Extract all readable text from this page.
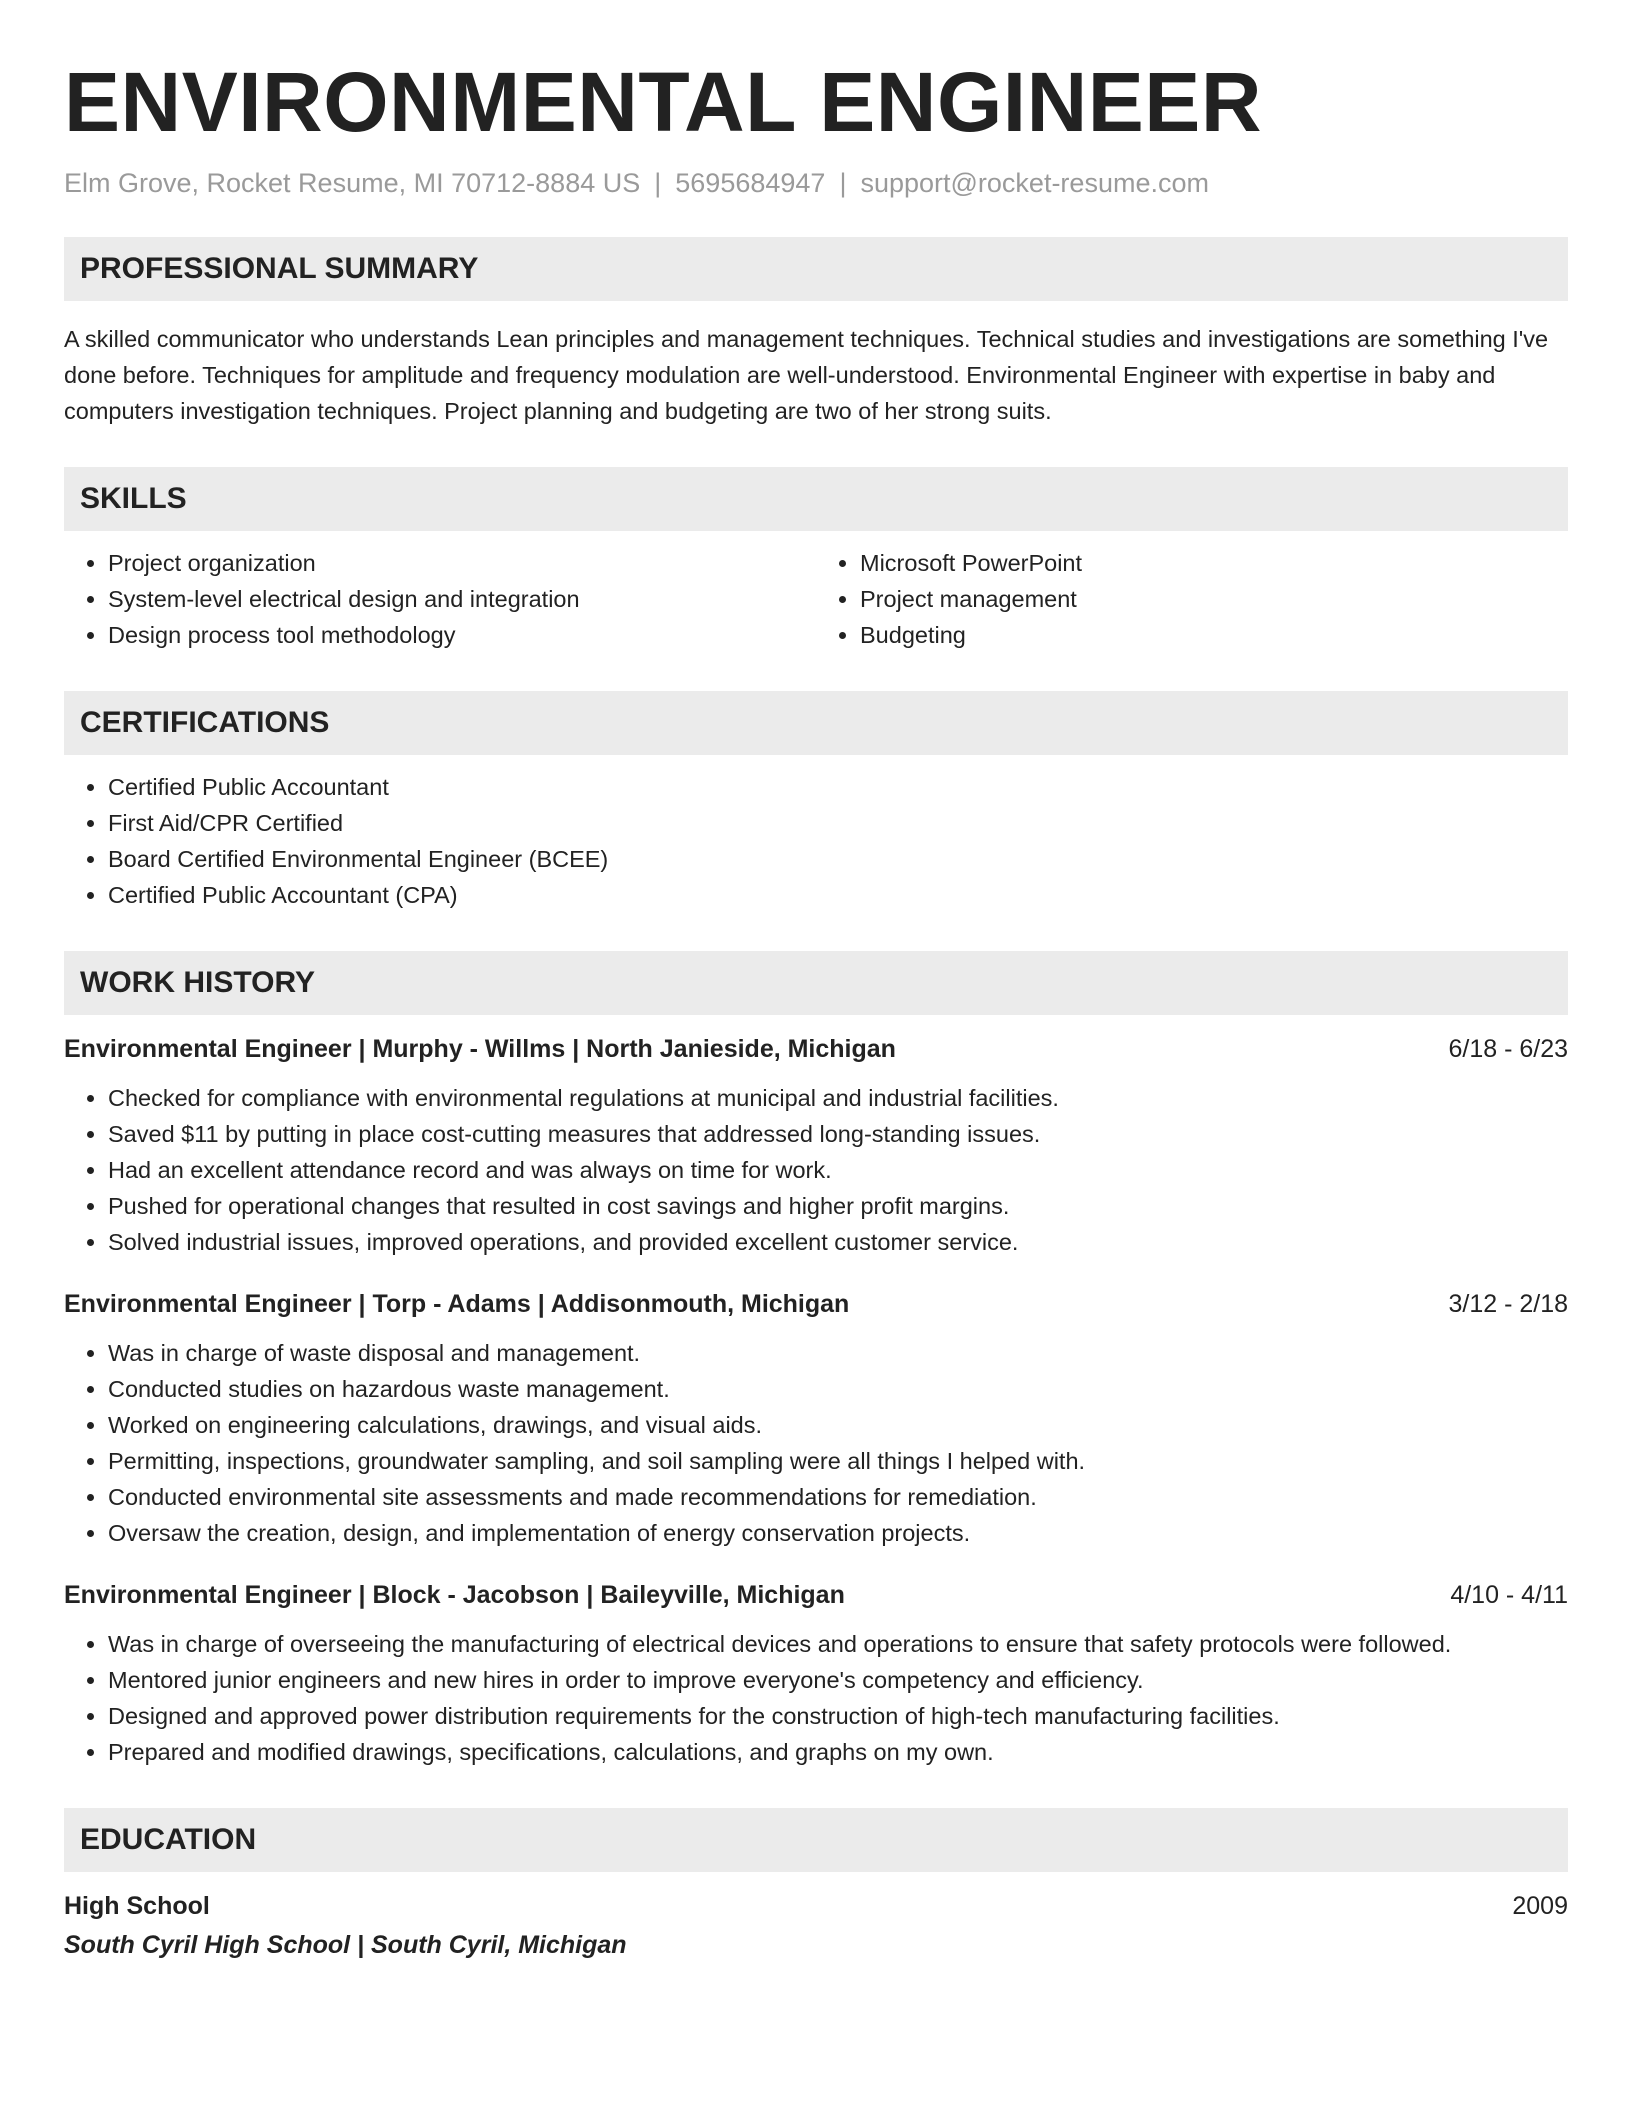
ENVIRONMENTAL ENGINEER
Elm Grove, Rocket Resume, MI 70712-8884 US | 5695684947 | support@rocket-resume.com
PROFESSIONAL SUMMARY

A skilled communicator who understands Lean principles and management techniques. Technical studies and investigations are something I've done before. Techniques for amplitude and frequency modulation are well-understood. Environmental Engineer with expertise in baby and computers investigation techniques. Project planning and budgeting are two of her strong suits.

SKILLS
• Project organization
• System-level electrical design and integration
• Design process tool methodology
• Microsoft PowerPoint
• Project management
• Budgeting
CERTIFICATIONS
• Certified Public Accountant
• First Aid/CPR Certified
• Board Certified Environmental Engineer (BCEE)
• Certified Public Accountant (CPA)
WORK HISTORY
Environmental Engineer | Murphy - Willms | North Janieside, Michigan	6/18 - 6/23
• Checked for compliance with environmental regulations at municipal and industrial facilities.
• Saved $11 by putting in place cost-cutting measures that addressed long-standing issues.
• Had an excellent attendance record and was always on time for work.
• Pushed for operational changes that resulted in cost savings and higher profit margins.
• Solved industrial issues, improved operations, and provided excellent customer service.
Environmental Engineer | Torp - Adams | Addisonmouth, Michigan	3/12 - 2/18
• Was in charge of waste disposal and management.
• Conducted studies on hazardous waste management.
• Worked on engineering calculations, drawings, and visual aids.
• Permitting, inspections, groundwater sampling, and soil sampling were all things I helped with.
• Conducted environmental site assessments and made recommendations for remediation.
• Oversaw the creation, design, and implementation of energy conservation projects.
Environmental Engineer | Block - Jacobson | Baileyville, Michigan	4/10 - 4/11
• Was in charge of overseeing the manufacturing of electrical devices and operations to ensure that safety protocols were followed.
• Mentored junior engineers and new hires in order to improve everyone's competency and efficiency.
• Designed and approved power distribution requirements for the construction of high-tech manufacturing facilities.
• Prepared and modified drawings, specifications, calculations, and graphs on my own.
EDUCATION
High School	2009
South Cyril High School | South Cyril, Michigan
